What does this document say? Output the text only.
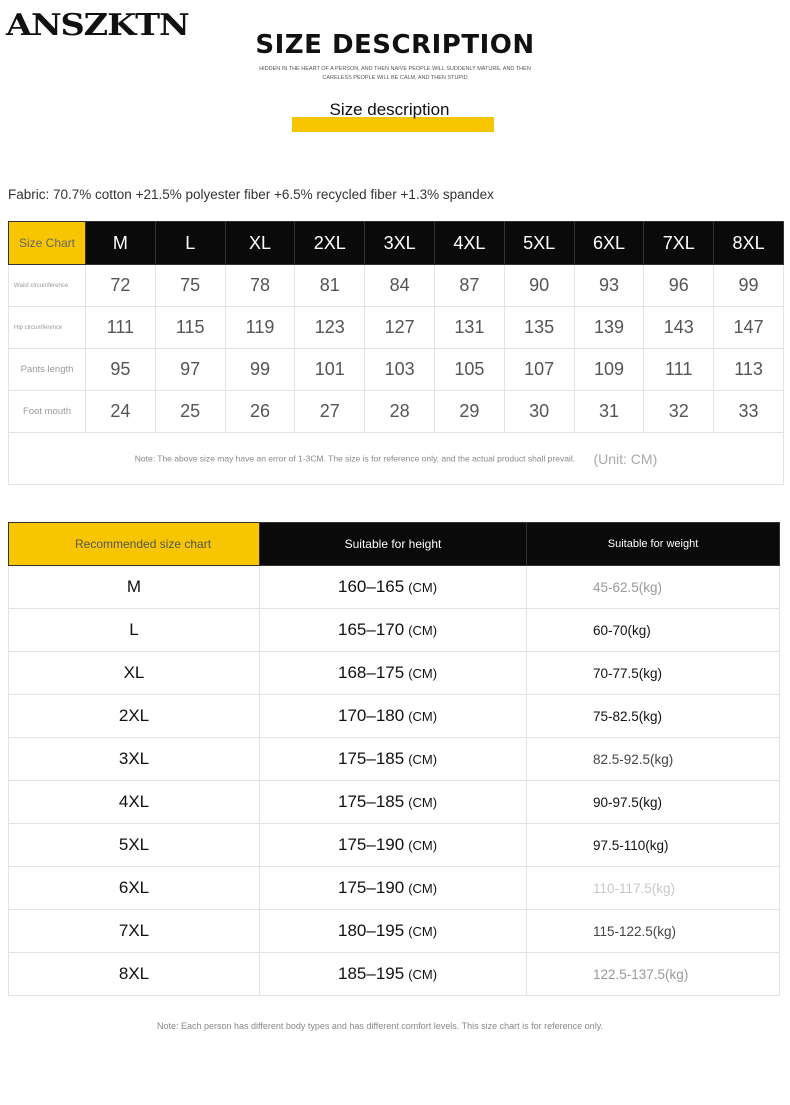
ANSZKTN
SIZE DESCRIPTION
HIDDEN IN THE HEART OF A PERSON, AND THEN NAIVE PEOPLE WILL SUDDENLY MATURE, AND THEN
CARELESS PEOPLE WILL BE CALM, AND THEN STUPID
Size description
Fabric: 70.7% cotton +21.5% polyester fiber +6.5% recycled fiber +1.3% spandex
Size Chart	M	L	XL	2XL	3XL	4XL	5XL	6XL	7XL	8XL
Waist circumference	72	75	78	81	84	87	90	93	96	99
Hip circumference	111	115	119	123	127	131	135	139	143	147
Pants length	95	97	99	101	103	105	107	109	111	113
Foot mouth	24	25	26	27	28	29	30	31	32	33
Note: The above size may have an error of 1-3CM. The size is for reference only, and the actual product shall prevail. (Unit: CM)										
Recommended size chart	Suitable for height	Suitable for weight
M	160–165 (CM)	45-62.5(kg)
L	165–170 (CM)	60-70(kg)
XL	168–175 (CM)	70-77.5(kg)
2XL	170–180 (CM)	75-82.5(kg)
3XL	175–185 (CM)	82.5-92.5(kg)
4XL	175–185 (CM)	90-97.5(kg)
5XL	175–190 (CM)	97.5-110(kg)
6XL	175–190 (CM)	110-117.5(kg)
7XL	180–195 (CM)	115-122.5(kg)
8XL	185–195 (CM)	122.5-137.5(kg)
Note: Each person has different body types and has different comfort levels. This size chart is for reference only.
